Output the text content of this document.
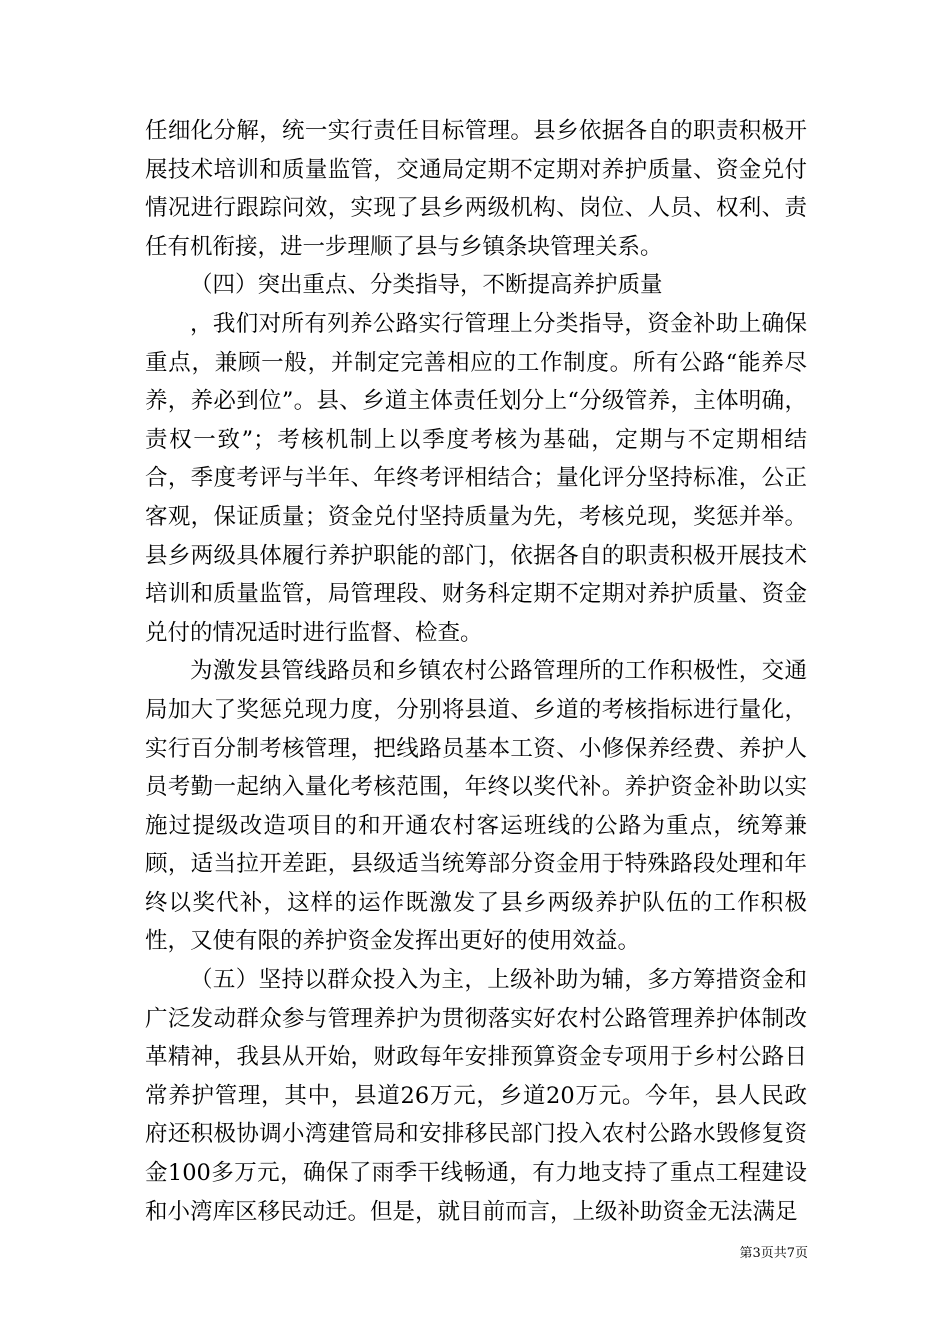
任细化分解，统一实行责任目标管理。县乡依据各自的职责积极开展技术培训和质量监管，交通局定期不定期对养护质量、资金兑付情况进行跟踪问效，实现了县乡两级机构、岗位、人员、权利、责任有机衔接，进一步理顺了县与乡镇条块管理关系。

（四）突出重点、分类指导，不断提高养护质量

，我们对所有列养公路实行管理上分类指导，资金补助上确保重点，兼顾一般，并制定完善相应的工作制度。所有公路“能养尽养，养必到位”。县、乡道主体责任划分上“分级管养，主体明确，责权一致”；考核机制上以季度考核为基础，定期与不定期相结合，季度考评与半年、年终考评相结合；量化评分坚持标准，公正客观，保证质量；资金兑付坚持质量为先，考核兑现，奖惩并举。县乡两级具体履行养护职能的部门，依据各自的职责积极开展技术培训和质量监管，局管理段、财务科定期不定期对养护质量、资金兑付的情况适时进行监督、检查。

为激发县管线路员和乡镇农村公路管理所的工作积极性，交通局加大了奖惩兑现力度，分别将县道、乡道的考核指标进行量化，实行百分制考核管理，把线路员基本工资、小修保养经费、养护人员考勤一起纳入量化考核范围，年终以奖代补。养护资金补助以实施过提级改造项目的和开通农村客运班线的公路为重点，统筹兼顾，适当拉开差距，县级适当统筹部分资金用于特殊路段处理和年终以奖代补，这样的运作既激发了县乡两级养护队伍的工作积极性，又使有限的养护资金发挥出更好的使用效益。

（五）坚持以群众投入为主，上级补助为辅，多方筹措资金和广泛发动群众参与管理养护为贯彻落实好农村公路管理养护体制改革精神，我县从开始，财政每年安排预算资金专项用于乡村公路日常养护管理，其中，县道26万元，乡道20万元。今年，县人民政府还积极协调小湾建管局和安排移民部门投入农村公路水毁修复资金100多万元，确保了雨季干线畅通，有力地支持了重点工程建设和小湾库区移民动迁。但是，就目前而言，上级补助资金无法满足

第3页共7页
